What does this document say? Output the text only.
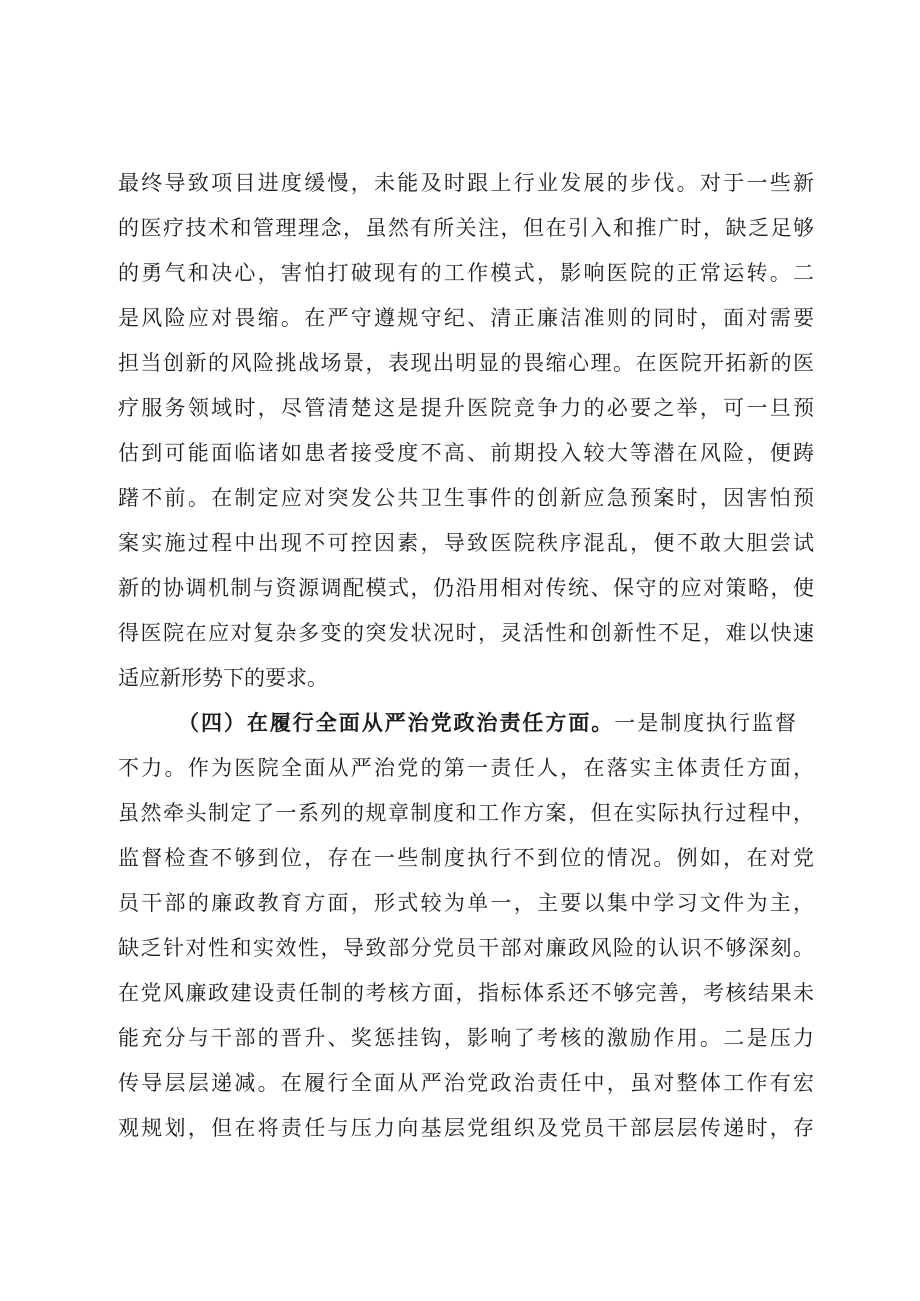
最终导致项目进度缓慢，未能及时跟上行业发展的步伐。对于一些新
的医疗技术和管理理念，虽然有所关注，但在引入和推广时，缺乏足够
的勇气和决心，害怕打破现有的工作模式，影响医院的正常运转。二
是风险应对畏缩。在严守遵规守纪、清正廉洁准则的同时，面对需要
担当创新的风险挑战场景，表现出明显的畏缩心理。在医院开拓新的医
疗服务领域时，尽管清楚这是提升医院竞争力的必要之举，可一旦预
估到可能面临诸如患者接受度不高、前期投入较大等潜在风险，便踌
躇不前。在制定应对突发公共卫生事件的创新应急预案时，因害怕预
案实施过程中出现不可控因素，导致医院秩序混乱，便不敢大胆尝试
新的协调机制与资源调配模式，仍沿用相对传统、保守的应对策略，使
得医院在应对复杂多变的突发状况时，灵活性和创新性不足，难以快速
适应新形势下的要求。
（四）在履行全面从严治党政治责任方面。一是制度执行监督
不力。作为医院全面从严治党的第一责任人，在落实主体责任方面，
虽然牵头制定了一系列的规章制度和工作方案，但在实际执行过程中，
监督检查不够到位，存在一些制度执行不到位的情况。例如，在对党
员干部的廉政教育方面，形式较为单一，主要以集中学习文件为主，
缺乏针对性和实效性，导致部分党员干部对廉政风险的认识不够深刻。
在党风廉政建设责任制的考核方面，指标体系还不够完善，考核结果未
能充分与干部的晋升、奖惩挂钩，影响了考核的激励作用。二是压力
传导层层递减。在履行全面从严治党政治责任中，虽对整体工作有宏
观规划，但在将责任与压力向基层党组织及党员干部层层传递时，存
